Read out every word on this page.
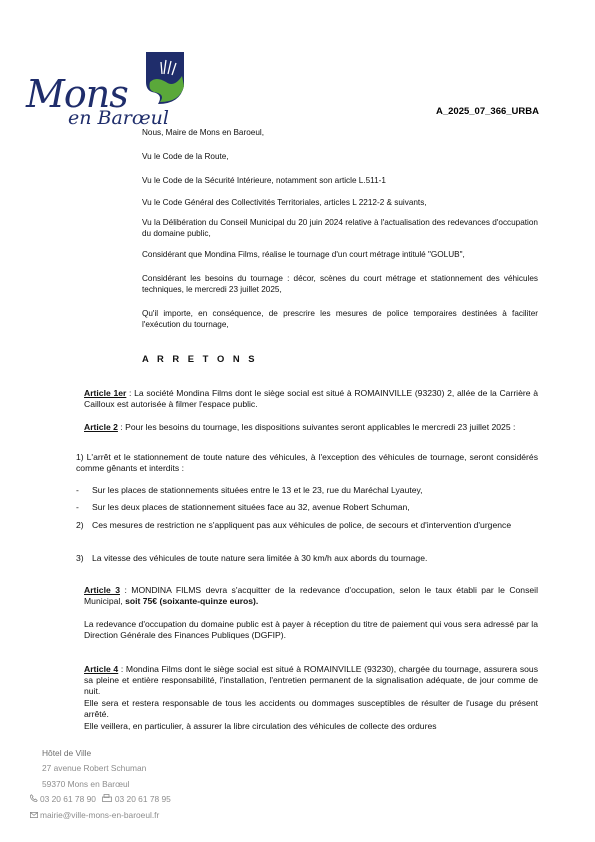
Mons
en Barœul	A_2025_07_366_URBA
Nous, Maire de Mons en Baroeul,
Vu le Code de la Route,
Vu le Code de la Sécurité Intérieure, notamment son article L.511-1
Vu le Code Général des Collectivités Territoriales, articles L 2212-2 & suivants,
Vu la Délibération du Conseil Municipal du 20 juin 2024 relative à l'actualisation des redevances d'occupation du domaine public,
Considérant que Mondina Films, réalise le tournage d'un court métrage intitulé "GOLUB",
Considérant les besoins du tournage : décor, scènes du court métrage et stationnement des véhicules techniques, le mercredi 23 juillet 2025,
Qu'il importe, en conséquence, de prescrire les mesures de police temporaires destinées à faciliter l'exécution du tournage,
A R R E T O N S
Article 1er : La société Mondina Films dont le siège social est situé à ROMAINVILLE (93230) 2, allée de la Carrière à Cailloux est autorisée à filmer l'espace public.
Article 2 : Pour les besoins du tournage, les dispositions suivantes seront applicables le mercredi 23 juillet 2025 :
1) L'arrêt et le stationnement de toute nature des véhicules, à l'exception des véhicules de tournage, seront considérés comme gênants et interdits :
-	Sur les places de stationnements situées entre le 13 et le 23, rue du Maréchal Lyautey,
-	Sur les deux places de stationnement situées face au 32, avenue Robert Schuman,
2) Ces mesures de restriction ne s'appliquent pas aux véhicules de police, de secours et d'intervention d'urgence
3) La vitesse des véhicules de toute nature sera limitée à 30 km/h aux abords du tournage.
Article 3 : MONDINA FILMS devra s'acquitter de la redevance d'occupation, selon le taux établi par le Conseil Municipal, soit 75€ (soixante-quinze euros).
La redevance d'occupation du domaine public est à payer à réception du titre de paiement qui vous sera adressé par la Direction Générale des Finances Publiques (DGFIP).
Article 4 : Mondina Films dont le siège social est situé à ROMAINVILLE (93230), chargée du tournage, assurera sous sa pleine et entière responsabilité, l'installation, l'entretien permanent de la signalisation adéquate, de jour comme de nuit.
Elle sera et restera responsable de tous les accidents ou dommages susceptibles de résulter de l'usage du présent arrêté.
Elle veillera, en particulier, à assurer la libre circulation des véhicules de collecte des ordures
Hôtel de Ville
27 avenue Robert Schuman
59370 Mons en Barœul
03 20 61 78 90 03 20 61 78 95
mairie@ville-mons-en-baroeul.fr
